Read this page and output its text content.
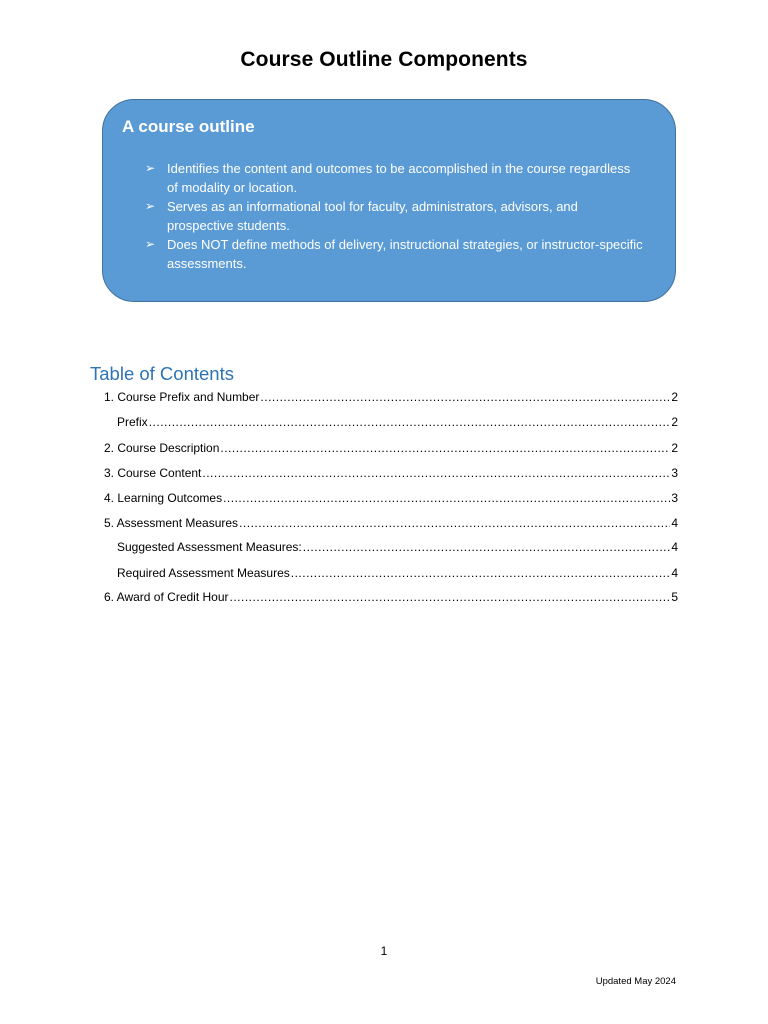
Course Outline Components
A course outline
➢ Identifies the content and outcomes to be accomplished in the course regardless of modality or location.
➢ Serves as an informational tool for faculty, administrators, advisors, and prospective students.
➢ Does NOT define methods of delivery, instructional strategies, or instructor-specific assessments.
Table of Contents
1. Course Prefix and Number .....	2
Prefix .....	2
2. Course Description .....	2
3. Course Content .....	3
4. Learning Outcomes .....	3
5. Assessment Measures .....	4
Suggested Assessment Measures: .....	4
Required Assessment Measures .....	4
6. Award of Credit Hour .....	5
1
Updated May 2024
